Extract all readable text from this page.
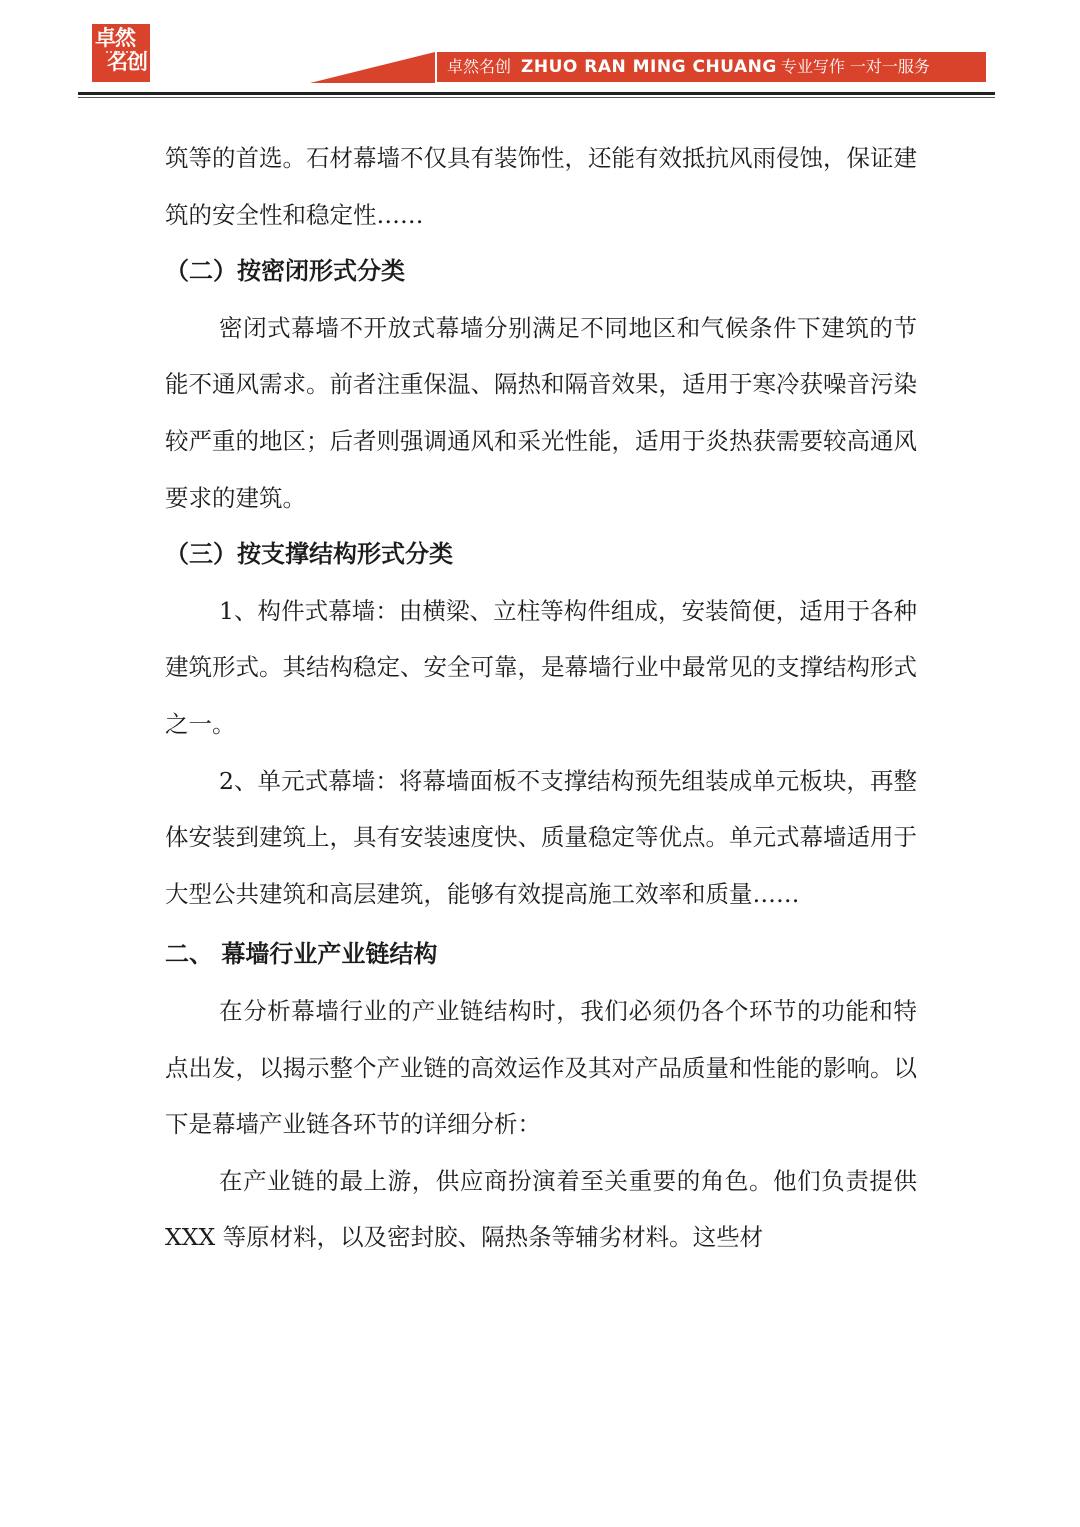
卓然
名创	卓然名创 ZHUO RAN MING CHUANG 专业写作 一对一服务

筑等的首选。石材幕墙不仅具有装饰性，还能有效抵抗风雨侵蚀，保证建筑的安全性和稳定性……

（二）按密闭形式分类

密闭式幕墙不开放式幕墙分别满足不同地区和气候条件下建筑的节能不通风需求。前者注重保温、隔热和隔音效果，适用于寒冷获噪音污染较严重的地区；后者则强调通风和采光性能，适用于炎热获需要较高通风要求的建筑。

（三）按支撑结构形式分类

1、构件式幕墙：由横梁、立柱等构件组成，安装简便，适用于各种建筑形式。其结构稳定、安全可靠，是幕墙行业中最常见的支撑结构形式之一。

2、单元式幕墙：将幕墙面板不支撑结构预先组装成单元板块，再整体安装到建筑上，具有安装速度快、质量稳定等优点。单元式幕墙适用于大型公共建筑和高层建筑，能够有效提高施工效率和质量……

二、 幕墙行业产业链结构

在分析幕墙行业的产业链结构时，我们必须仍各个环节的功能和特点出发，以揭示整个产业链的高效运作及其对产品质量和性能的影响。以下是幕墙产业链各环节的详细分析：

在产业链的最上游，供应商扮演着至关重要的角色。他们负责提供 XXX 等原材料，以及密封胶、隔热条等辅劣材料。这些材
